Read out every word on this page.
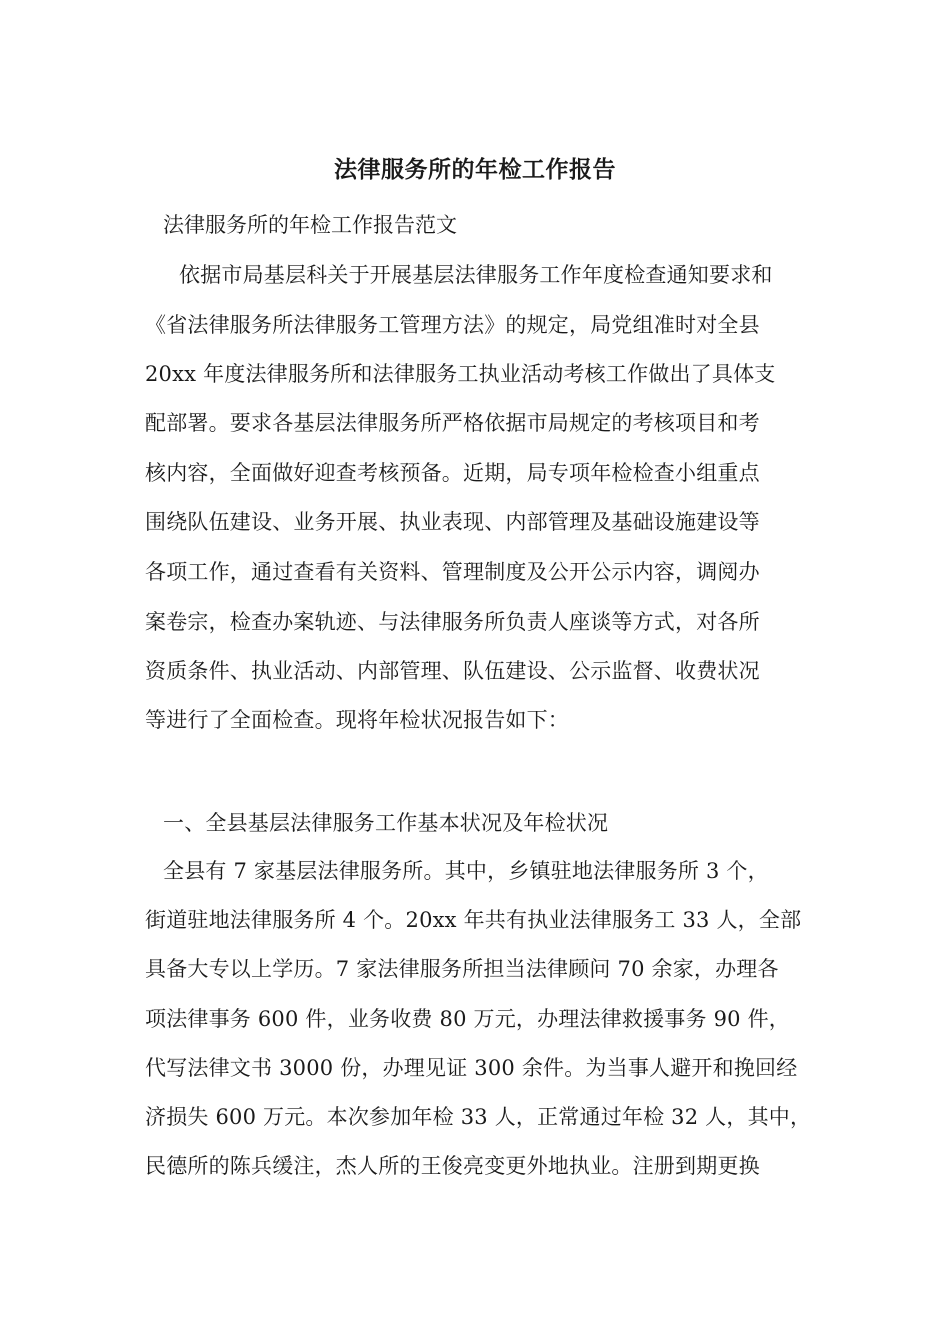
法律服务所的年检工作报告
法律服务所的年检工作报告范文
依据市局基层科关于开展基层法律服务工作年度检查通知要求和
《省法律服务所法律服务工管理方法》的规定，局党组准时对全县
20xx 年度法律服务所和法律服务工执业活动考核工作做出了具体支
配部署。要求各基层法律服务所严格依据市局规定的考核项目和考
核内容，全面做好迎查考核预备。近期，局专项年检检查小组重点
围绕队伍建设、业务开展、执业表现、内部管理及基础设施建设等
各项工作，通过查看有关资料、管理制度及公开公示内容，调阅办
案卷宗，检查办案轨迹、与法律服务所负责人座谈等方式，对各所
资质条件、执业活动、内部管理、队伍建设、公示监督、收费状况
等进行了全面检查。现将年检状况报告如下：
一、全县基层法律服务工作基本状况及年检状况
全县有 7 家基层法律服务所。其中，乡镇驻地法律服务所 3 个，
街道驻地法律服务所 4 个。20xx 年共有执业法律服务工 33 人，全部
具备大专以上学历。7 家法律服务所担当法律顾问 70 余家，办理各
项法律事务 600 件，业务收费 80 万元，办理法律救援事务 90 件，
代写法律文书 3000 份，办理见证 300 余件。为当事人避开和挽回经
济损失 600 万元。本次参加年检 33 人，正常通过年检 32 人，其中，
民德所的陈兵缓注，杰人所的王俊亮变更外地执业。注册到期更换
